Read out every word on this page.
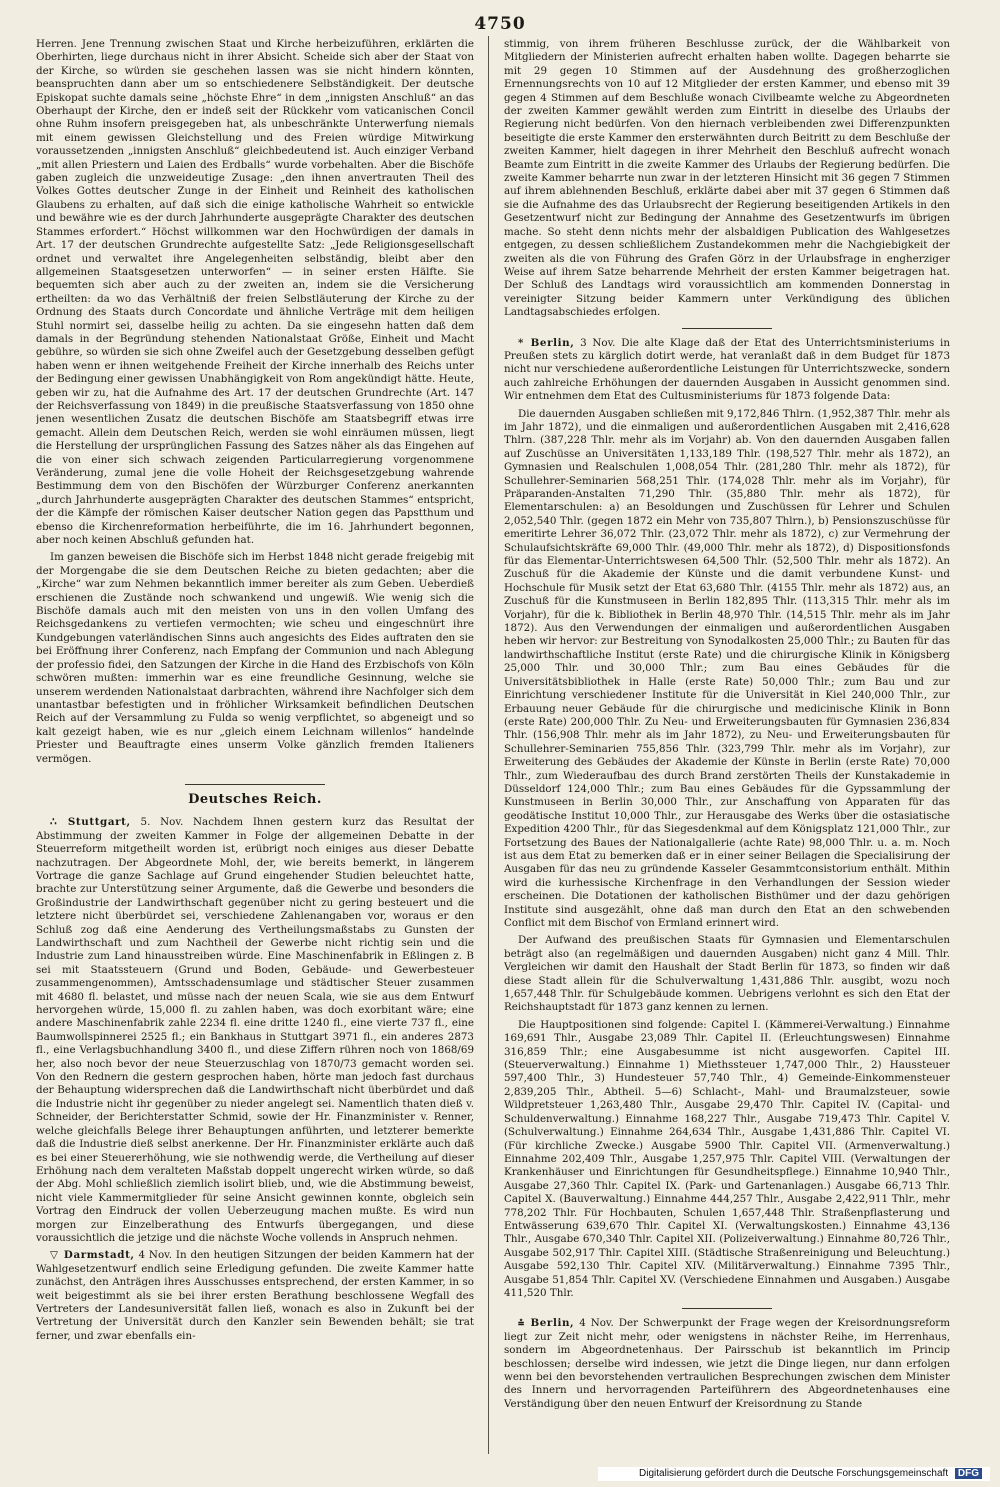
4750

Herren. Jene Trennung zwischen Staat und Kirche herbeizuführen, erklärten die Oberhirten, liege durchaus nicht in ihrer Absicht. Scheide sich aber der Staat von der Kirche, so würden sie geschehen lassen was sie nicht hindern könnten, beanspruchten dann aber um so entschiedenere Selbständigkeit. Der deutsche Episkopat suchte damals seine „höchste Ehre“ in dem „innigsten Anschluß“ an das Oberhaupt der Kirche, den er indeß seit der Rückkehr vom vaticanischen Concil ohne Ruhm insofern preisgegeben hat, als unbeschränkte Unterwerfung niemals mit einem gewissen Gleichstellung und des Freien würdige Mitwirkung voraussetzenden „innigsten Anschluß“ gleichbedeutend ist. Auch einziger Verband „mit allen Priestern und Laien des Erdballs“ wurde vorbehalten. Aber die Bischöfe gaben zugleich die unzweideutige Zusage: „den ihnen anvertrauten Theil des Volkes Gottes deutscher Zunge in der Einheit und Reinheit des katholischen Glaubens zu erhalten, auf daß sich die einige katholische Wahrheit so entwickle und bewähre wie es der durch Jahrhunderte ausgeprägte Charakter des deutschen Stammes erfordert.“ Höchst willkommen war den Hochwürdigen der damals in Art. 17 der deutschen Grundrechte aufgestellte Satz: „Jede Religionsgesellschaft ordnet und verwaltet ihre Angelegenheiten selbständig, bleibt aber den allgemeinen Staatsgesetzen unterworfen“ — in seiner ersten Hälfte. Sie bequemten sich aber auch zu der zweiten an, indem sie die Versicherung ertheilten: da wo das Verhältniß der freien Selbstläuterung der Kirche zu der Ordnung des Staats durch Concordate und ähnliche Verträge mit dem heiligen Stuhl normirt sei, dasselbe heilig zu achten. Da sie eingesehn hatten daß dem damals in der Begründung stehenden Nationalstaat Größe, Einheit und Macht gebühre, so würden sie sich ohne Zweifel auch der Gesetzgebung desselben gefügt haben wenn er ihnen weitgehende Freiheit der Kirche innerhalb des Reichs unter der Bedingung einer gewissen Unabhängigkeit von Rom angekündigt hätte. Heute, geben wir zu, hat die Aufnahme des Art. 17 der deutschen Grundrechte (Art. 147 der Reichsverfassung von 1849) in die preußische Staatsverfassung von 1850 ohne jenen wesentlichen Zusatz die deutschen Bischöfe am Staatsbegriff etwas irre gemacht. Allein dem Deutschen Reich, werden sie wohl einräumen müssen, liegt die Herstellung der ursprünglichen Fassung des Satzes näher als das Eingehen auf die von einer sich schwach zeigenden Particularregierung vorgenommene Veränderung, zumal jene die volle Hoheit der Reichsgesetzgebung wahrende Bestimmung dem von den Bischöfen der Würzburger Conferenz anerkannten „durch Jahrhunderte ausgeprägten Charakter des deutschen Stammes“ entspricht, der die Kämpfe der römischen Kaiser deutscher Nation gegen das Papstthum und ebenso die Kirchenreformation herbeiführte, die im 16. Jahrhundert begonnen, aber noch keinen Abschluß gefunden hat.

Im ganzen beweisen die Bischöfe sich im Herbst 1848 nicht gerade freigebig mit der Morgengabe die sie dem Deutschen Reiche zu bieten gedachten; aber die „Kirche“ war zum Nehmen bekanntlich immer bereiter als zum Geben. Ueberdieß erschienen die Zustände noch schwankend und ungewiß. Wie wenig sich die Bischöfe damals auch mit den meisten von uns in den vollen Umfang des Reichsgedankens zu vertiefen vermochten; wie scheu und eingeschnürt ihre Kundgebungen vaterländischen Sinns auch angesichts des Eides auftraten den sie bei Eröffnung ihrer Conferenz, nach Empfang der Communion und nach Ablegung der professio fidei, den Satzungen der Kirche in die Hand des Erzbischofs von Köln schwören mußten: immerhin war es eine freundliche Gesinnung, welche sie unserem werdenden Nationalstaat darbrachten, während ihre Nachfolger sich dem unantastbar befestigten und in fröhlicher Wirksamkeit befindlichen Deutschen Reich auf der Versammlung zu Fulda so wenig verpflichtet, so abgeneigt und so kalt gezeigt haben, wie es nur „gleich einem Leichnam willenlos“ handelnde Priester und Beauftragte eines unserm Volke gänzlich fremden Italieners vermögen.

Deutsches Reich.

∴ Stuttgart, 5. Nov. Nachdem Ihnen gestern kurz das Resultat der Abstimmung der zweiten Kammer in Folge der allgemeinen Debatte in der Steuerreform mitgetheilt worden ist, erübrigt noch einiges aus dieser Debatte nachzutragen. Der Abgeordnete Mohl, der, wie bereits bemerkt, in längerem Vortrage die ganze Sachlage auf Grund eingehender Studien beleuchtet hatte, brachte zur Unterstützung seiner Argumente, daß die Gewerbe und besonders die Großindustrie der Landwirthschaft gegenüber nicht zu gering besteuert und die letztere nicht überbürdet sei, verschiedene Zahlenangaben vor, woraus er den Schluß zog daß eine Aenderung des Vertheilungsmaßstabs zu Gunsten der Landwirthschaft und zum Nachtheil der Gewerbe nicht richtig sein und die Industrie zum Land hinausstreiben würde. Eine Maschinenfabrik in Eßlingen z. B sei mit Staatssteuern (Grund und Boden, Gebäude- und Gewerbesteuer zusammengenommen), Amtsschadensumlage und städtischer Steuer zusammen mit 4680 fl. belastet, und müsse nach der neuen Scala, wie sie aus dem Entwurf hervorgehen würde, 15,000 fl. zu zahlen haben, was doch exorbitant wäre; eine andere Maschinenfabrik zahle 2234 fl. eine dritte 1240 fl., eine vierte 737 fl., eine Baumwollspinnerei 2525 fl.; ein Bankhaus in Stuttgart 3971 fl., ein anderes 2873 fl., eine Verlagsbuchhandlung 3400 fl., und diese Ziffern rühren noch von 1868/69 her, also noch bevor der neue Steuerzuschlag von 1870/73 gemacht worden sei. Von den Rednern die gestern gesprochen haben, hörte man jedoch fast durchaus der Behauptung widersprechen daß die Landwirthschaft nicht überbürdet und daß die Industrie nicht ihr gegenüber zu nieder angelegt sei. Namentlich thaten dieß v. Schneider, der Berichterstatter Schmid, sowie der Hr. Finanzminister v. Renner, welche gleichfalls Belege ihrer Behauptungen anführten, und letzterer bemerkte daß die Industrie dieß selbst anerkenne. Der Hr. Finanzminister erklärte auch daß es bei einer Steuererhöhung, wie sie nothwendig werde, die Vertheilung auf dieser Erhöhung nach dem veralteten Maßstab doppelt ungerecht wirken würde, so daß der Abg. Mohl schließlich ziemlich isolirt blieb, und, wie die Abstimmung beweist, nicht viele Kammermitglieder für seine Ansicht gewinnen konnte, obgleich sein Vortrag den Eindruck der vollen Ueberzeugung machen mußte. Es wird nun morgen zur Einzelberathung des Entwurfs übergegangen, und diese voraussichtlich die jetzige und die nächste Woche vollends in Anspruch nehmen.

▽ Darmstadt, 4 Nov. In den heutigen Sitzungen der beiden Kammern hat der Wahlgesetzentwurf endlich seine Erledigung gefunden. Die zweite Kammer hatte zunächst, den Anträgen ihres Ausschusses entsprechend, der ersten Kammer, in so weit beigestimmt als sie bei ihrer ersten Berathung beschlossene Wegfall des Vertreters der Landesuniversität fallen ließ, wonach es also in Zukunft bei der Vertretung der Universität durch den Kanzler sein Bewenden behält; sie trat ferner, und zwar ebenfalls ein-

stimmig, von ihrem früheren Beschlusse zurück, der die Wählbarkeit von Mitgliedern der Ministerien aufrecht erhalten haben wollte. Dagegen beharrte sie mit 29 gegen 10 Stimmen auf der Ausdehnung des großherzoglichen Ernennungsrechts von 10 auf 12 Mitglieder der ersten Kammer, und ebenso mit 39 gegen 4 Stimmen auf dem Beschluße wonach Civilbeamte welche zu Abgeordneten der zweiten Kammer gewählt werden zum Eintritt in dieselbe des Urlaubs der Regierung nicht bedürfen. Von den hiernach verbleibenden zwei Differenzpunkten beseitigte die erste Kammer den ersterwähnten durch Beitritt zu dem Beschluße der zweiten Kammer, hielt dagegen in ihrer Mehrheit den Beschluß aufrecht wonach Beamte zum Eintritt in die zweite Kammer des Urlaubs der Regierung bedürfen. Die zweite Kammer beharrte nun zwar in der letzteren Hinsicht mit 36 gegen 7 Stimmen auf ihrem ablehnenden Beschluß, erklärte dabei aber mit 37 gegen 6 Stimmen daß sie die Aufnahme des das Urlaubsrecht der Regierung beseitigenden Artikels in den Gesetzentwurf nicht zur Bedingung der Annahme des Gesetzentwurfs im übrigen mache. So steht denn nichts mehr der alsbaldigen Publication des Wahlgesetzes entgegen, zu dessen schließlichem Zustandekommen mehr die Nachgiebigkeit der zweiten als die von Führung des Grafen Görz in der Urlaubsfrage in engherziger Weise auf ihrem Satze beharrende Mehrheit der ersten Kammer beigetragen hat. Der Schluß des Landtags wird voraussichtlich am kommenden Donnerstag in vereinigter Sitzung beider Kammern unter Verkündigung des üblichen Landtagsabschiedes erfolgen.

* Berlin, 3 Nov. Die alte Klage daß der Etat des Unterrichtsministeriums in Preußen stets zu kärglich dotirt werde, hat veranlaßt daß in dem Budget für 1873 nicht nur verschiedene außerordentliche Leistungen für Unterrichtszwecke, sondern auch zahlreiche Erhöhungen der dauernden Ausgaben in Aussicht genommen sind. Wir entnehmen dem Etat des Cultusministeriums für 1873 folgende Data:

Die dauernden Ausgaben schließen mit 9,172,846 Thlrn. (1,952,387 Thlr. mehr als im Jahr 1872), und die einmaligen und außerordentlichen Ausgaben mit 2,416,628 Thlrn. (387,228 Thlr. mehr als im Vorjahr) ab. Von den dauernden Ausgaben fallen auf Zuschüsse an Universitäten 1,133,189 Thlr. (198,527 Thlr. mehr als 1872), an Gymnasien und Realschulen 1,008,054 Thlr. (281,280 Thlr. mehr als 1872), für Schullehrer-Seminarien 568,251 Thlr. (174,028 Thlr. mehr als im Vorjahr), für Präparanden-Anstalten 71,290 Thlr. (35,880 Thlr. mehr als 1872), für Elementarschulen: a) an Besoldungen und Zuschüssen für Lehrer und Schulen 2,052,540 Thlr. (gegen 1872 ein Mehr von 735,807 Thlrn.), b) Pensionszuschüsse für emeritirte Lehrer 36,072 Thlr. (23,072 Thlr. mehr als 1872), c) zur Vermehrung der Schulaufsichtskräfte 69,000 Thlr. (49,000 Thlr. mehr als 1872), d) Dispositionsfonds für das Elementar-Unterrichtswesen 64,500 Thlr. (52,500 Thlr. mehr als 1872). An Zuschuß für die Akademie der Künste und die damit verbundene Kunst- und Hochschule für Musik setzt der Etat 63,680 Thlr. (4155 Thlr. mehr als 1872) aus, an Zuschuß für die Kunstmuseen in Berlin 182,895 Thlr. (113,315 Thlr. mehr als im Vorjahr), für die k. Bibliothek in Berlin 48,970 Thlr. (14,515 Thlr. mehr als im Jahr 1872). Aus den Verwendungen der einmaligen und außerordentlichen Ausgaben heben wir hervor: zur Bestreitung von Synodalkosten 25,000 Thlr.; zu Bauten für das landwirthschaftliche Institut (erste Rate) und die chirurgische Klinik in Königsberg 25,000 Thlr. und 30,000 Thlr.; zum Bau eines Gebäudes für die Universitätsbibliothek in Halle (erste Rate) 50,000 Thlr.; zum Bau und zur Einrichtung verschiedener Institute für die Universität in Kiel 240,000 Thlr., zur Erbauung neuer Gebäude für die chirurgische und medicinische Klinik in Bonn (erste Rate) 200,000 Thlr. Zu Neu- und Erweiterungsbauten für Gymnasien 236,834 Thlr. (156,908 Thlr. mehr als im Jahr 1872), zu Neu- und Erweiterungsbauten für Schullehrer-Seminarien 755,856 Thlr. (323,799 Thlr. mehr als im Vorjahr), zur Erweiterung des Gebäudes der Akademie der Künste in Berlin (erste Rate) 70,000 Thlr., zum Wiederaufbau des durch Brand zerstörten Theils der Kunstakademie in Düsseldorf 124,000 Thlr.; zum Bau eines Gebäudes für die Gypssammlung der Kunstmuseen in Berlin 30,000 Thlr., zur Anschaffung von Apparaten für das geodätische Institut 10,000 Thlr., zur Herausgabe des Werks über die ostasiatische Expedition 4200 Thlr., für das Siegesdenkmal auf dem Königsplatz 121,000 Thlr., zur Fortsetzung des Baues der Nationalgallerie (achte Rate) 98,000 Thlr. u. a. m. Noch ist aus dem Etat zu bemerken daß er in einer seiner Beilagen die Specialisirung der Ausgaben für das neu zu gründende Kasseler Gesammtconsistorium enthält. Mithin wird die kurhessische Kirchenfrage in den Verhandlungen der Session wieder erscheinen. Die Dotationen der katholischen Bisthümer und der dazu gehörigen Institute sind ausgezählt, ohne daß man durch den Etat an den schwebenden Conflict mit dem Bischof von Ermland erinnert wird.

Der Aufwand des preußischen Staats für Gymnasien und Elementarschulen beträgt also (an regelmäßigen und dauernden Ausgaben) nicht ganz 4 Mill. Thlr. Vergleichen wir damit den Haushalt der Stadt Berlin für 1873, so finden wir daß diese Stadt allein für die Schulverwaltung 1,431,886 Thlr. ausgibt, wozu noch 1,657,448 Thlr. für Schulgebäude kommen. Uebrigens verlohnt es sich den Etat der Reichshauptstadt für 1873 ganz kennen zu lernen.

Die Hauptpositionen sind folgende: Capitel I. (Kämmerei-Verwaltung.) Einnahme 169,691 Thlr., Ausgabe 23,089 Thlr. Capitel II. (Erleuchtungswesen) Einnahme 316,859 Thlr.; eine Ausgabesumme ist nicht ausgeworfen. Capitel III. (Steuerverwaltung.) Einnahme 1) Miethssteuer 1,747,000 Thlr., 2) Haussteuer 597,400 Thlr., 3) Hundesteuer 57,740 Thlr., 4) Gemeinde-Einkommensteuer 2,839,205 Thlr., Abtheil. 5—6) Schlacht-, Mahl- und Braumalzsteuer, sowie Wildpretsteuer 1,263,480 Thlr., Ausgabe 29,470 Thlr. Capitel IV. (Capital- und Schuldenverwaltung.) Einnahme 168,227 Thlr., Ausgabe 719,473 Thlr. Capitel V. (Schulverwaltung.) Einnahme 264,634 Thlr., Ausgabe 1,431,886 Thlr. Capitel VI. (Für kirchliche Zwecke.) Ausgabe 5900 Thlr. Capitel VII. (Armenverwaltung.) Einnahme 202,409 Thlr., Ausgabe 1,257,975 Thlr. Capitel VIII. (Verwaltungen der Krankenhäuser und Einrichtungen für Gesundheitspflege.) Einnahme 10,940 Thlr., Ausgabe 27,360 Thlr. Capitel IX. (Park- und Gartenanlagen.) Ausgabe 66,713 Thlr. Capitel X. (Bauverwaltung.) Einnahme 444,257 Thlr., Ausgabe 2,422,911 Thlr., mehr 778,202 Thlr. Für Hochbauten, Schulen 1,657,448 Thlr. Straßenpflasterung und Entwässerung 639,670 Thlr. Capitel XI. (Verwaltungskosten.) Einnahme 43,136 Thlr., Ausgabe 670,340 Thlr. Capitel XII. (Polizeiverwaltung.) Einnahme 80,726 Thlr., Ausgabe 502,917 Thlr. Capitel XIII. (Städtische Straßenreinigung und Beleuchtung.) Ausgabe 592,130 Thlr. Capitel XIV. (Militärverwaltung.) Einnahme 7395 Thlr., Ausgabe 51,854 Thlr. Capitel XV. (Verschiedene Einnahmen und Ausgaben.) Ausgabe 411,520 Thlr.

⩮ Berlin, 4 Nov. Der Schwerpunkt der Frage wegen der Kreisordnungsreform liegt zur Zeit nicht mehr, oder wenigstens in nächster Reihe, im Herrenhaus, sondern im Abgeordnetenhaus. Der Pairsschub ist bekanntlich im Princip beschlossen; derselbe wird indessen, wie jetzt die Dinge liegen, nur dann erfolgen wenn bei den bevorstehenden vertraulichen Besprechungen zwischen dem Minister des Innern und hervorragenden Parteiführern des Abgeordnetenhauses eine Verständigung über den neuen Entwurf der Kreisordnung zu Stande

Digitalisierung gefördert durch die Deutsche Forschungsgemeinschaft DFG
